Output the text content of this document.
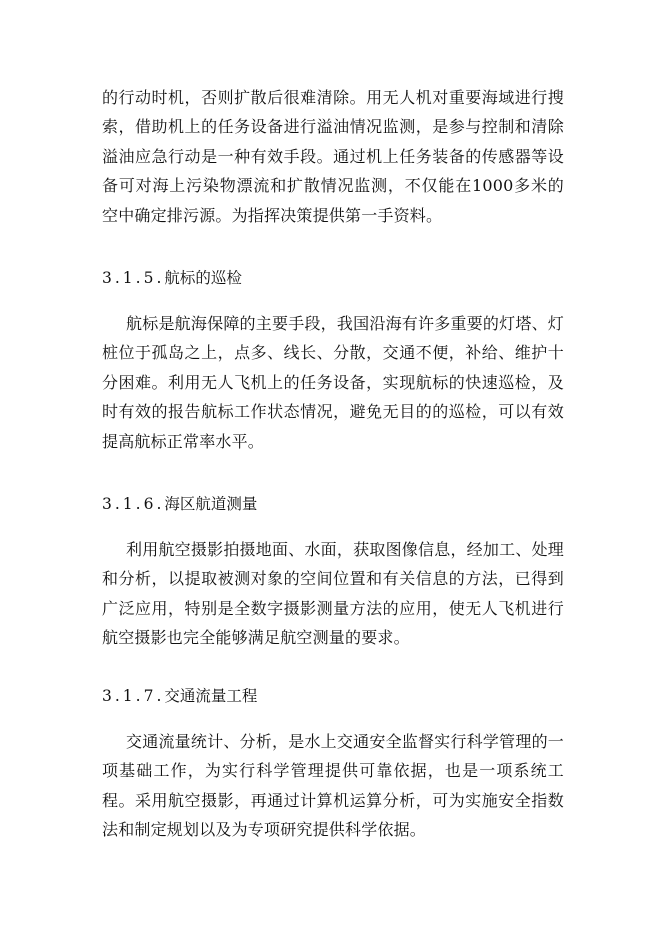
的行动时机，否则扩散后很难清除。用无人机对重要海域进行搜索，借助机上的任务设备进行溢油情况监测，是参与控制和清除溢油应急行动是一种有效手段。通过机上任务装备的传感器等设备可对海上污染物漂流和扩散情况监测，不仅能在1000多米的空中确定排污源。为指挥决策提供第一手资料。

3.1.5.航标的巡检

航标是航海保障的主要手段，我国沿海有许多重要的灯塔、灯桩位于孤岛之上，点多、线长、分散，交通不便，补给、维护十分困难。利用无人飞机上的任务设备，实现航标的快速巡检，及时有效的报告航标工作状态情况，避免无目的的巡检，可以有效提高航标正常率水平。

3.1.6.海区航道测量

利用航空摄影拍摄地面、水面，获取图像信息，经加工、处理和分析，以提取被测对象的空间位置和有关信息的方法，已得到广泛应用，特别是全数字摄影测量方法的应用，使无人飞机进行航空摄影也完全能够满足航空测量的要求。

3.1.7.交通流量工程

交通流量统计、分析，是水上交通安全监督实行科学管理的一项基础工作，为实行科学管理提供可靠依据，也是一项系统工程。采用航空摄影，再通过计算机运算分析，可为实施安全指数法和制定规划以及为专项研究提供科学依据。
